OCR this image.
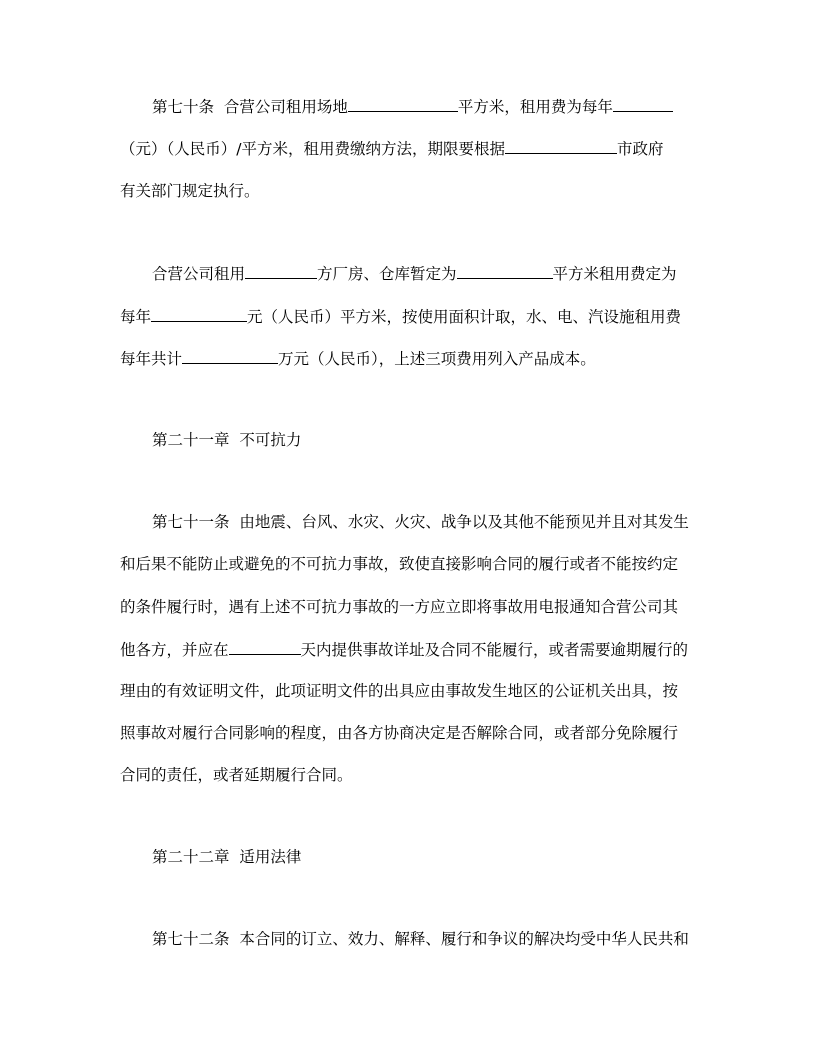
第七十条  合营公司租用场地	平方米，租用费为每年
（元）（人民币）/平方米，租用费缴纳方法，期限要根据	市政府
有关部门规定执行。
合营公司租用	方厂房、仓库暂定为	平方米租用费定为
每年	元（人民币）平方米，按使用面积计取，水、电、汽设施租用费
每年共计	万元（人民币），上述三项费用列入产品成本。
第二十一章  不可抗力
第七十一条  由地震、台风、水灾、火灾、战争以及其他不能预见并且对其发生
和后果不能防止或避免的不可抗力事故，致使直接影响合同的履行或者不能按约定
的条件履行时，遇有上述不可抗力事故的一方应立即将事故用电报通知合营公司其
他各方，并应在	天内提供事故详址及合同不能履行，或者需要逾期履行的
理由的有效证明文件，此项证明文件的出具应由事故发生地区的公证机关出具，按
照事故对履行合同影响的程度，由各方协商决定是否解除合同，或者部分免除履行
合同的责任，或者延期履行合同。
第二十二章  适用法律
第七十二条  本合同的订立、效力、解释、履行和争议的解决均受中华人民共和
